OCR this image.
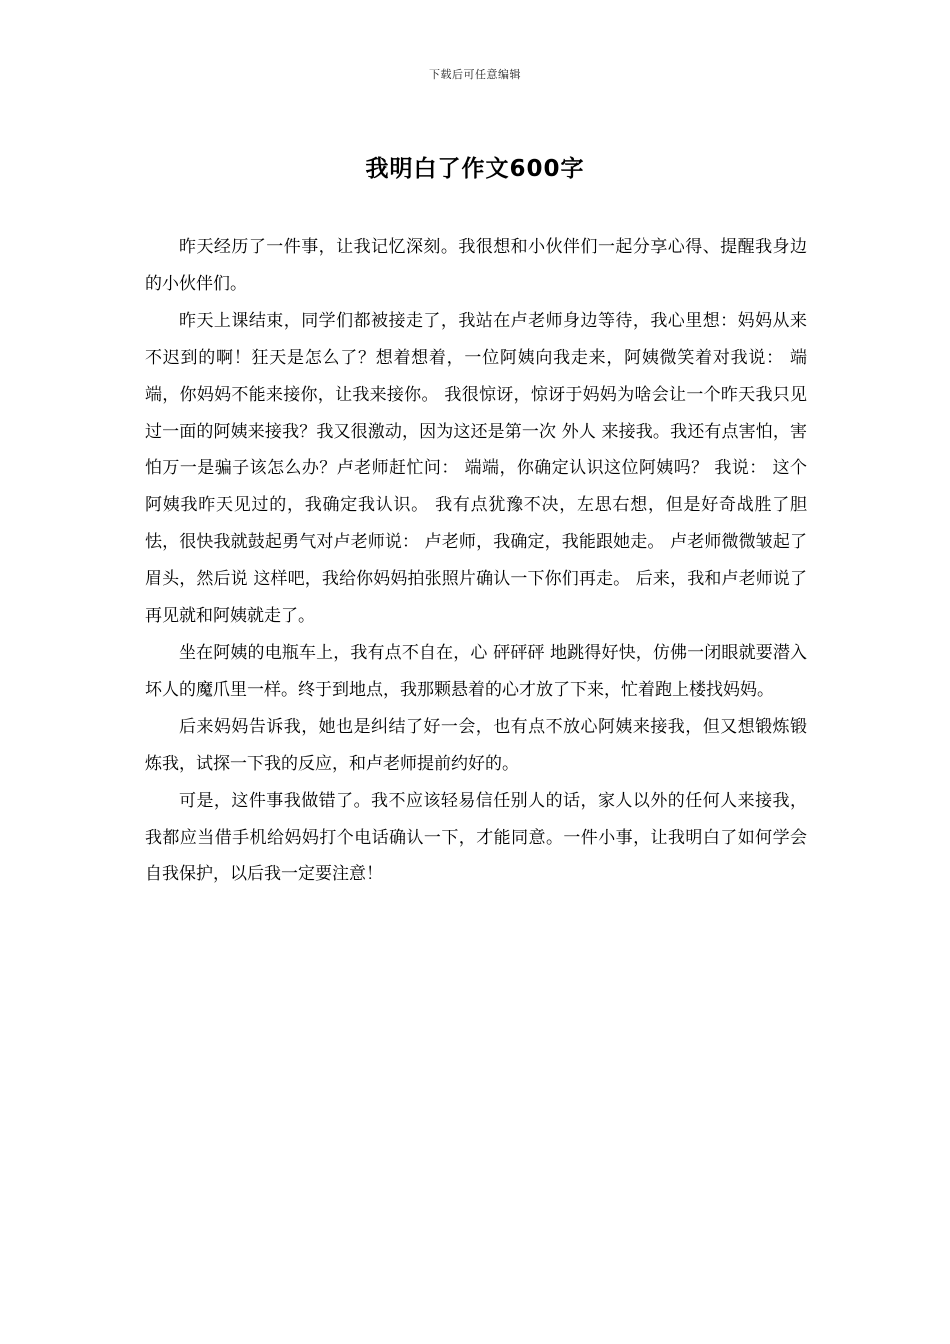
下载后可任意编辑
我明白了作文600字

昨天经历了一件事，让我记忆深刻。我很想和小伙伴们一起分享心得、提醒我身边的小伙伴们。

昨天上课结束，同学们都被接走了，我站在卢老师身边等待，我心里想：妈妈从来不迟到的啊！狂天是怎么了？想着想着，一位阿姨向我走来，阿姨微笑着对我说： 端端，你妈妈不能来接你，让我来接你。 我很惊讶，惊讶于妈妈为啥会让一个昨天我只见过一面的阿姨来接我？我又很激动，因为这还是第一次 外人 来接我。我还有点害怕，害怕万一是骗子该怎么办？卢老师赶忙问： 端端，你确定认识这位阿姨吗？ 我说： 这个阿姨我昨天见过的，我确定我认识。 我有点犹豫不决，左思右想，但是好奇战胜了胆怯，很快我就鼓起勇气对卢老师说： 卢老师，我确定，我能跟她走。 卢老师微微皱起了眉头，然后说 这样吧，我给你妈妈拍张照片确认一下你们再走。 后来，我和卢老师说了再见就和阿姨就走了。

坐在阿姨的电瓶车上，我有点不自在，心 砰砰砰 地跳得好快，仿佛一闭眼就要潜入坏人的魔爪里一样。终于到地点，我那颗悬着的心才放了下来，忙着跑上楼找妈妈。

后来妈妈告诉我，她也是纠结了好一会，也有点不放心阿姨来接我，但又想锻炼锻炼我，试探一下我的反应，和卢老师提前约好的。

可是，这件事我做错了。我不应该轻易信任别人的话，家人以外的任何人来接我，我都应当借手机给妈妈打个电话确认一下，才能同意。一件小事，让我明白了如何学会自我保护，以后我一定要注意！
